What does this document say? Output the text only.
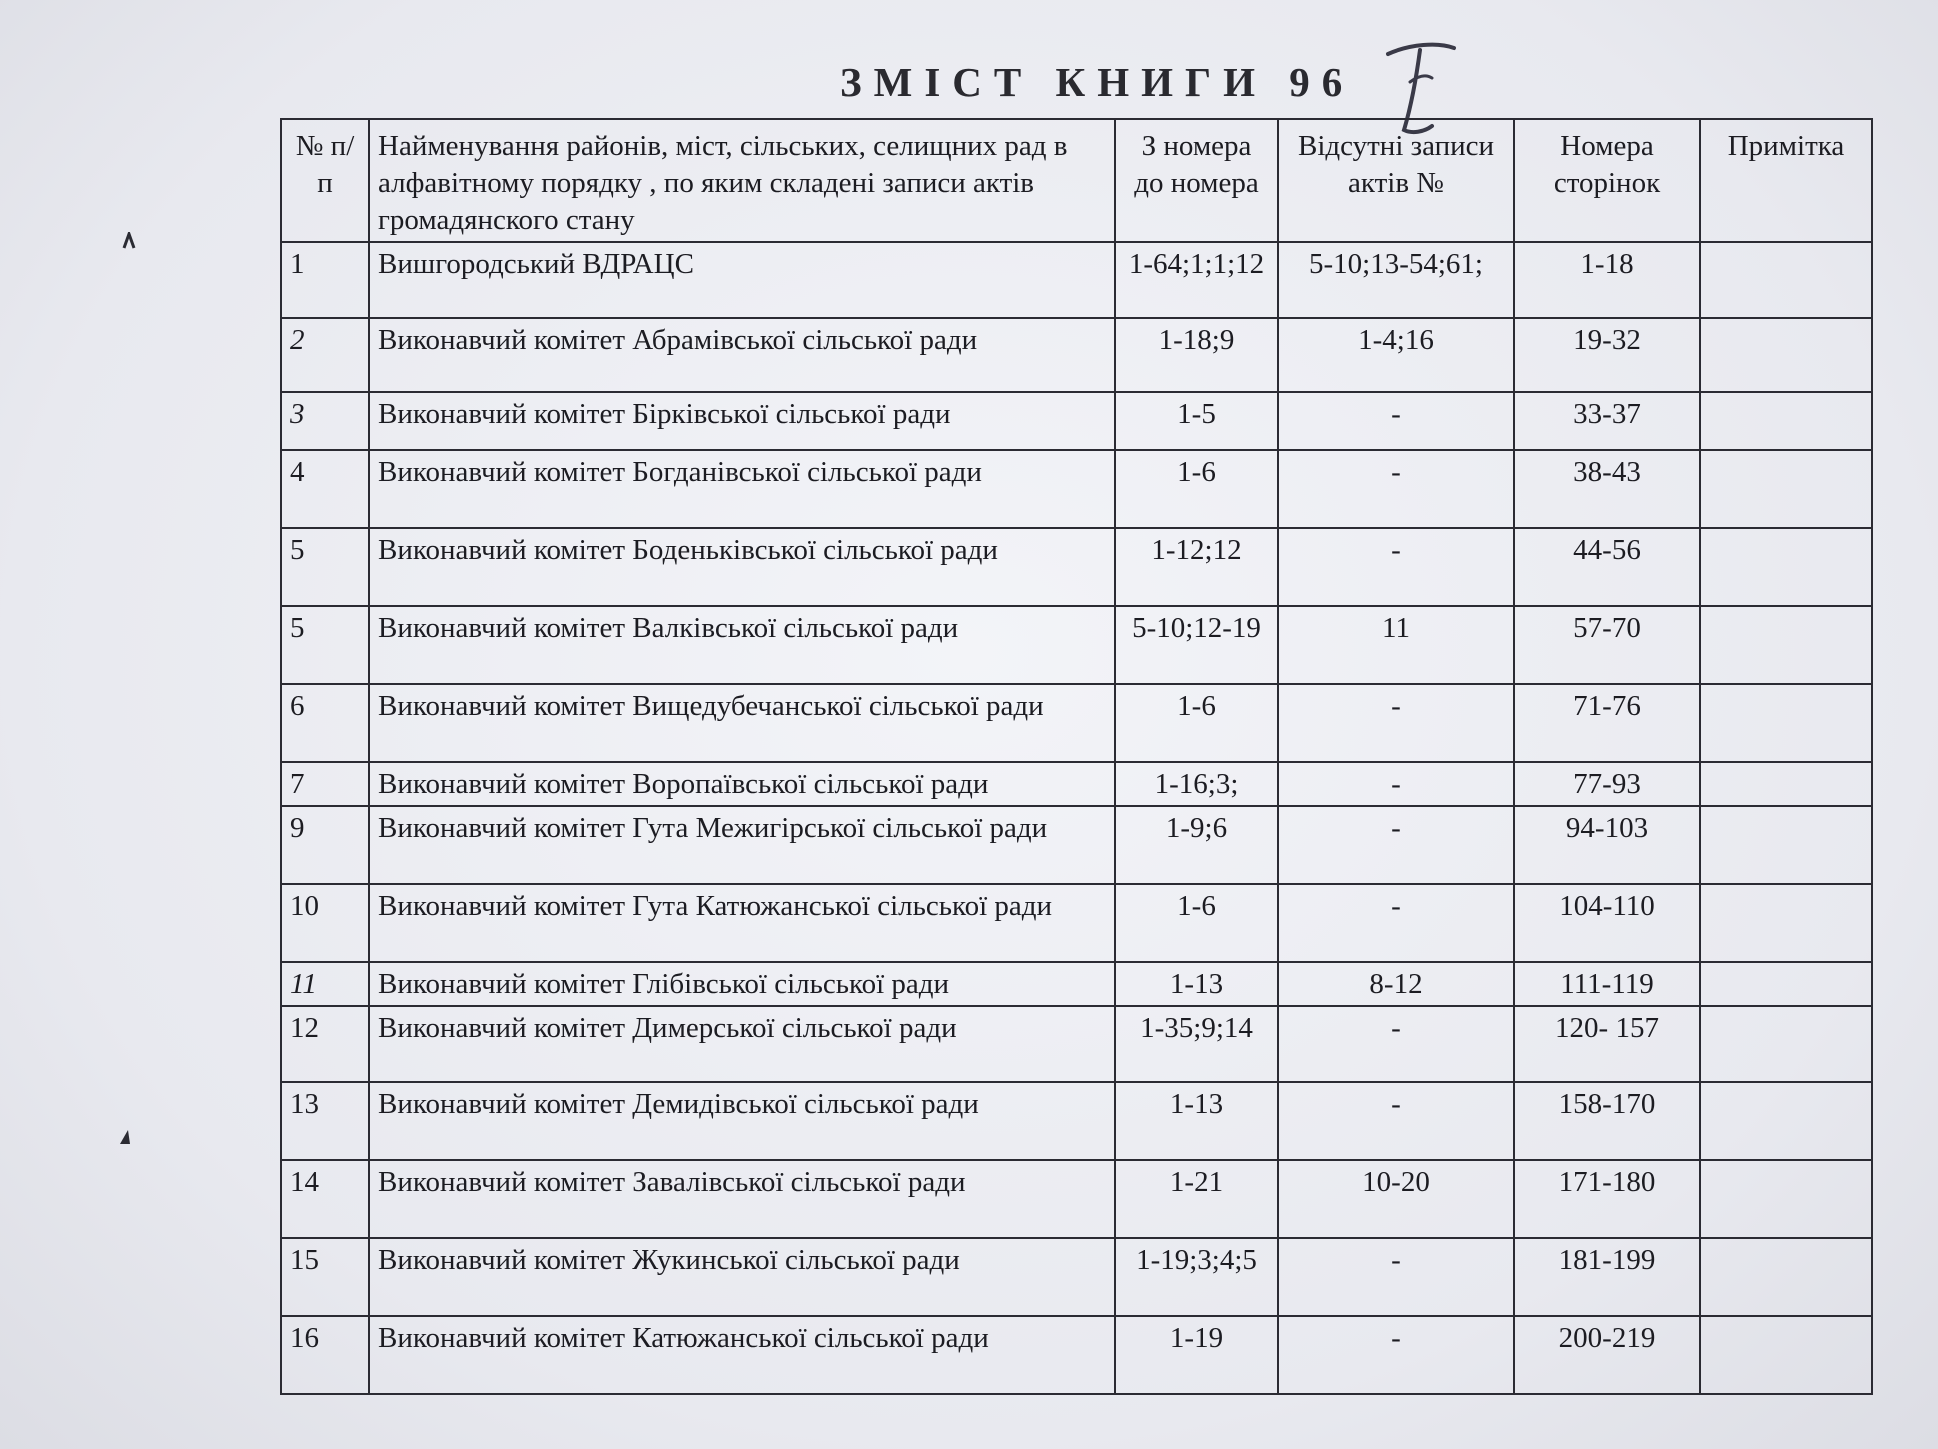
ЗМІСТ КНИГИ 96
№ п/п	Найменування районів, міст, сільських, селищних рад в алфавітному порядку , по яким складені записи актів громадянского стану	З номера до номера	Відсутні записи актів №	Номера сторінок	Примітка
1	Вишгородський ВДРАЦС	1-64;1;1;12	5-10;13-54;61;	1-18	
2	Виконавчий комітет Абрамівської сільської ради	1-18;9	1-4;16	19-32	
3	Виконавчий комітет Бірківської сільської ради	1-5	-	33-37	
4	Виконавчий комітет Богданівської сільської ради	1-6	-	38-43	
5	Виконавчий комітет Боденьківської сільської ради	1-12;12	-	44-56	
5	Виконавчий комітет Валківської сільської ради	5-10;12-19	11	57-70	
6	Виконавчий комітет Вищедубечанської сільської ради	1-6	-	71-76	
7	Виконавчий комітет Воропаївської сільської ради	1-16;3;	-	77-93	
9	Виконавчий комітет Гута Межигірської сільської ради	1-9;6	-	94-103	
10	Виконавчий комітет Гута Катюжанської сільської ради	1-6	-	104-110	
11	Виконавчий комітет Глібівської сільської ради	1-13	8-12	111-119	
12	Виконавчий комітет Димерської сільської ради	1-35;9;14	-	120- 157	
13	Виконавчий комітет Демидівської сільської ради	1-13	-	158-170	
14	Виконавчий комітет Завалівської сільської ради	1-21	10-20	171-180	
15	Виконавчий комітет Жукинської сільської ради	1-19;3;4;5	-	181-199	
16	Виконавчий комітет Катюжанської сільської ради	1-19	-	200-219	
